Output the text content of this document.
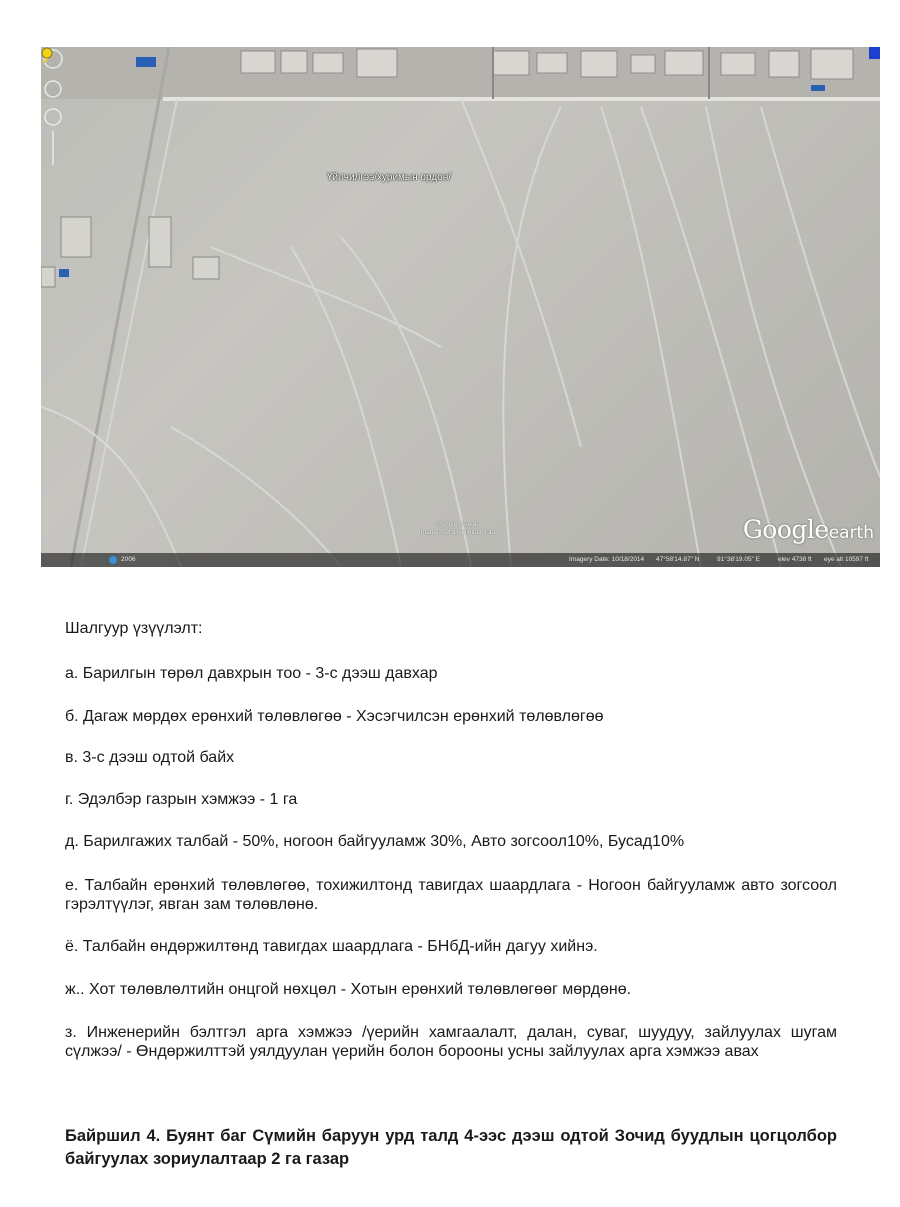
Үйлчилгээ/хуримын ордон/
© 2016 Google
Image © 2016 DigitalGlobe	Googleearth
2006	Imagery Date: 10/18/2014 47°58'14.87" N	91°38'19.05" E	elev 4738 ft eye alt 10597 ft
Шалгуур үзүүлэлт:
а. Барилгын төрөл давхрын тоо - 3-с дээш давхар
б. Дагаж мөрдөх ерөнхий төлөвлөгөө - Хэсэгчилсэн ерөнхий төлөвлөгөө
в. 3-с дээш одтой байх
г. Эдэлбэр газрын хэмжээ - 1 га
д. Барилгажих талбай - 50%, ногоон байгууламж 30%, Авто зогсоол10%, Бусад10%
е. Талбайн ерөнхий төлөвлөгөө, тохижилтонд тавигдах шаардлага - Ногоон байгууламж авто зогсоол гэрэлтүүлэг, явган зам төлөвлөнө.
ё. Талбайн өндөржилтөнд тавигдах шаардлага - БНбД-ийн дагуу хийнэ.
ж.. Хот төлөвлөлтийн онцгой нөхцөл - Хотын ерөнхий төлөвлөгөөг мөрдөнө.
з. Инженерийн бэлтгэл арга хэмжээ /үерийн хамгаалалт, далан, суваг, шуудуу, зайлуулах шугам сүлжээ/ - Өндөржилттэй уялдуулан үерийн болон борооны усны зайлуулах арга хэмжээ авах
Байршил 4. Буянт баг Сүмийн баруун урд талд 4-ээс дээш одтой Зочид буудлын цогцолбор байгуулах зориулалтаар 2 га газар
